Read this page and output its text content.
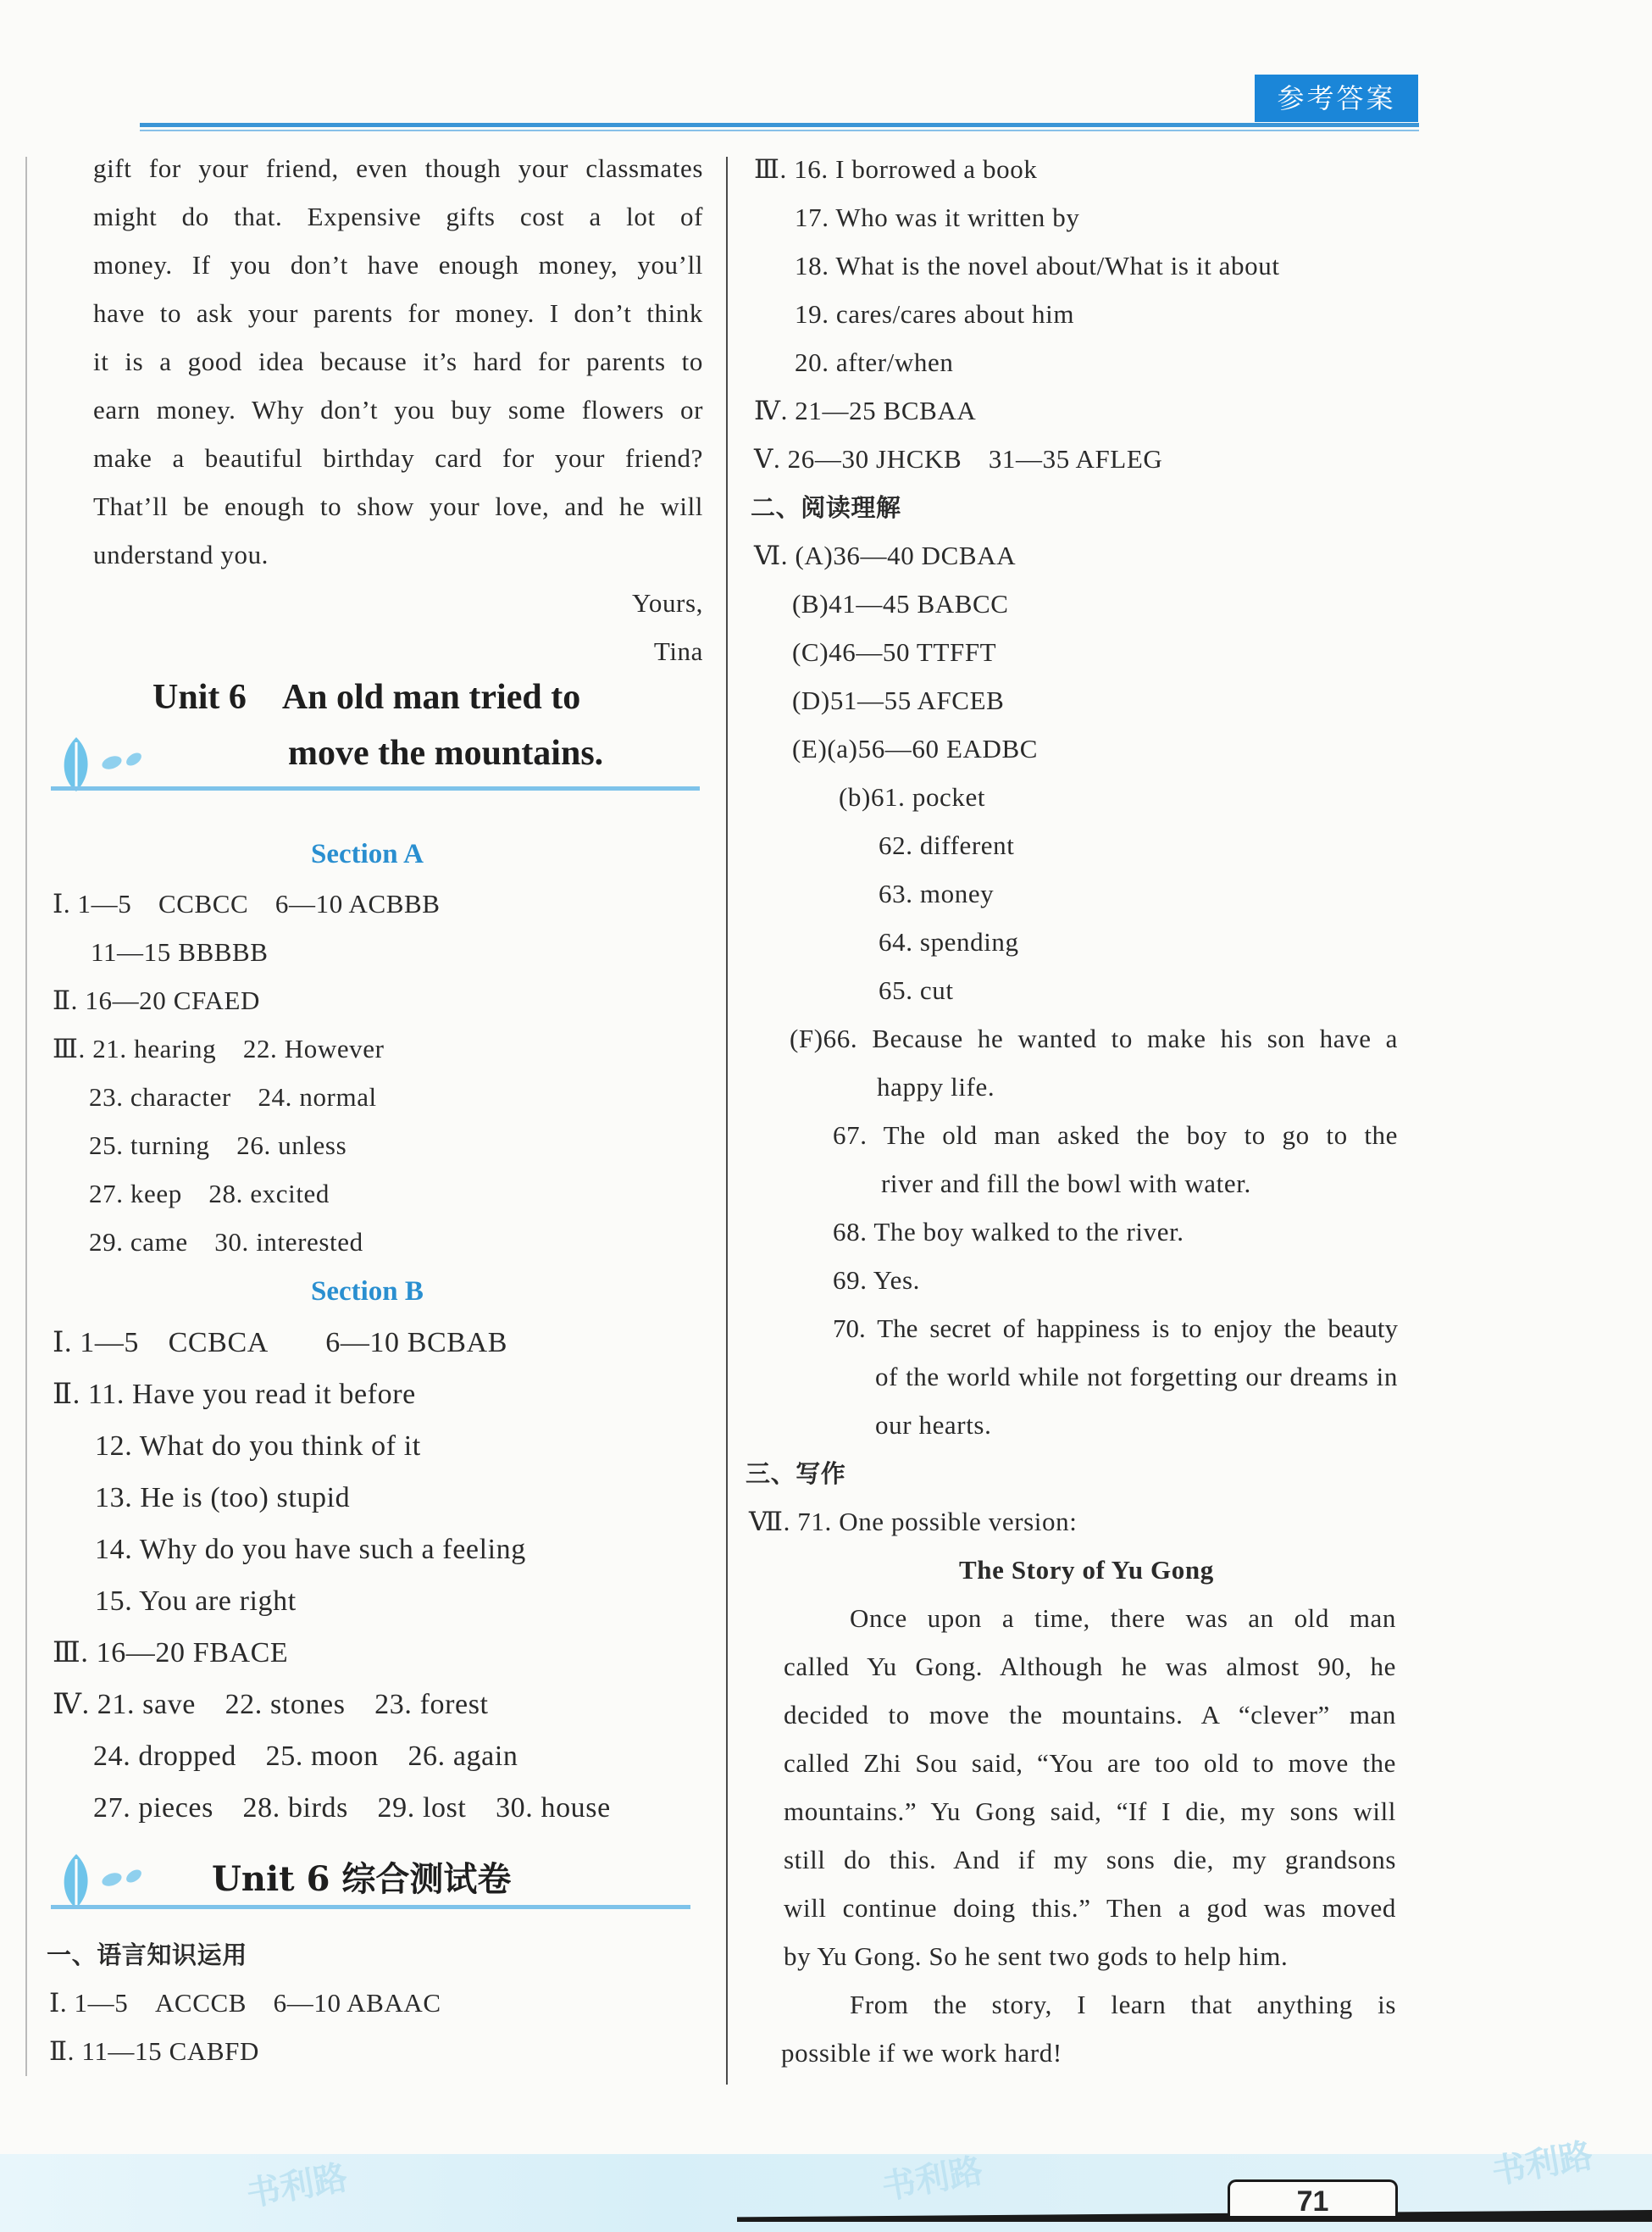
参考答案
gift for your friend, even though your classmates
might do that. Expensive gifts cost a lot of
money. If you don’t have enough money, you’ll
have to ask your parents for money. I don’t think
it is a good idea because it’s hard for parents to
earn money. Why don’t you buy some flowers or
make a beautiful birthday card for your friend?
That’ll be enough to show your love, and he will
understand you.
Yours,
Tina
Unit 6　An old man tried to
move the mountains.
Section A
Ⅰ. 1—5　CCBCC　6—10 ACBBB
11—15 BBBBB
Ⅱ. 16—20 CFAED
Ⅲ. 21. hearing　22. However
23. character　24. normal
25. turning　26. unless
27. keep　28. excited
29. came　30. interested
Section B
Ⅰ. 1—5　CCBCA　　6—10 BCBAB
Ⅱ. 11. Have you read it before
12. What do you think of it
13. He is (too) stupid
14. Why do you have such a feeling
15. You are right
Ⅲ. 16—20 FBACE
Ⅳ. 21. save　22. stones　23. forest
24. dropped　25. moon　26. again
27. pieces　28. birds　29. lost　30. house
Unit 6 综合测试卷
一、语言知识运用
Ⅰ. 1—5　ACCCB　6—10 ABAAC
Ⅱ. 11—15 CABFD
Ⅲ. 16. I borrowed a book
17. Who was it written by
18. What is the novel about/What is it about
19. cares/cares about him
20. after/when
Ⅳ. 21—25 BCBAA
Ⅴ. 26—30 JHCKB　31—35 AFLEG
二、阅读理解
Ⅵ. (A)36—40 DCBAA
(B)41—45 BABCC
(C)46—50 TTFFT
(D)51—55 AFCEB
(E)(a)56—60 EADBC
(b)61. pocket
62. different
63. money
64. spending
65. cut
(F)66. Because he wanted to make his son have a
happy life.
67. The old man asked the boy to go to the
river and fill the bowl with water.
68. The boy walked to the river.
69. Yes.
70. The secret of happiness is to enjoy the beauty
of the world while not forgetting our dreams in
our hearts.
三、写作
Ⅶ. 71. One possible version:
The Story of Yu Gong
Once upon a time, there was an old man
called Yu Gong. Although he was almost 90, he
decided to move the mountains. A “clever” man
called Zhi Sou said, “You are too old to move the
mountains.” Yu Gong said, “If I die, my sons will
still do this. And if my sons die, my grandsons
will continue doing this.” Then a god was moved
by Yu Gong. So he sent two gods to help him.
From the story, I learn that anything is
possible if we work hard!
书利路	书利路	书利路
71
